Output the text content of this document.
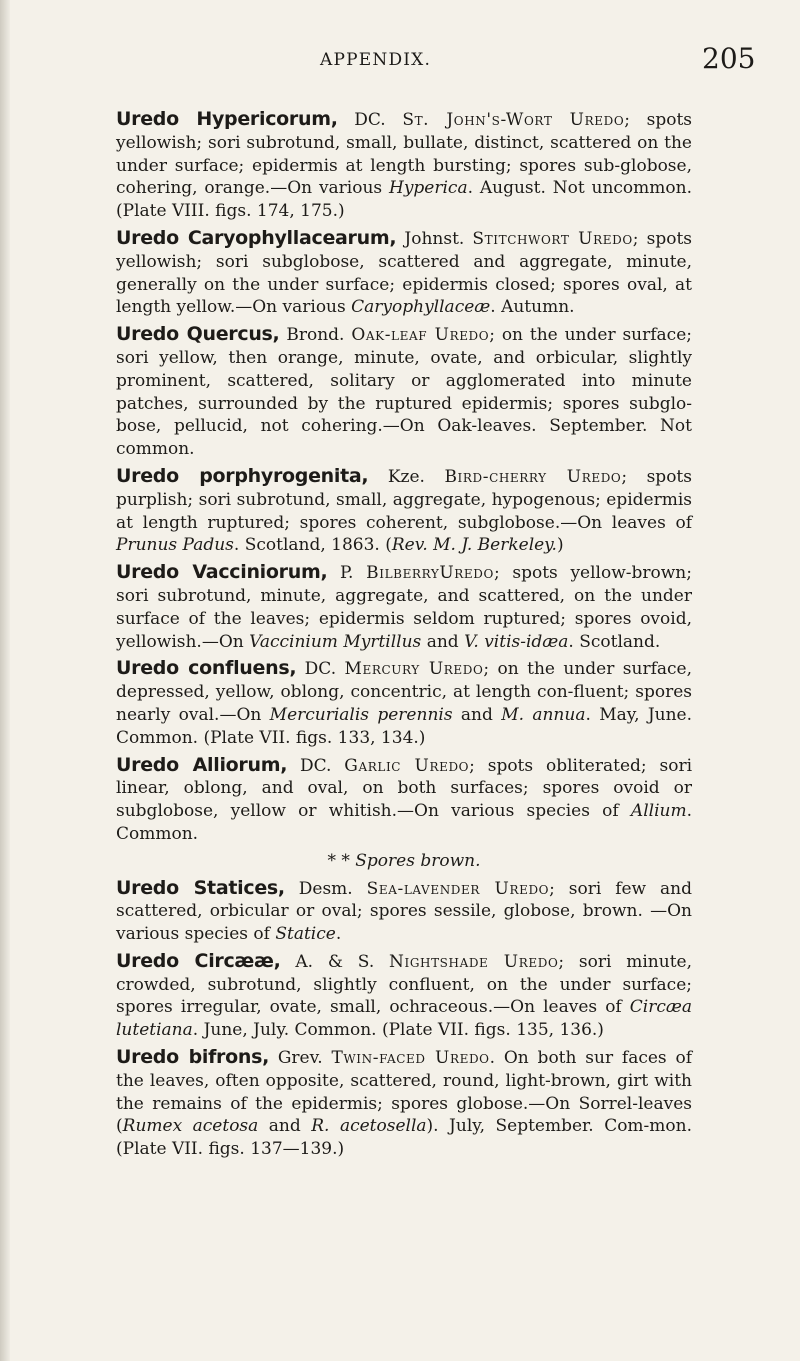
APPENDIX.	205

Uredo Hypericorum, DC. St. John's-Wort Uredo; spots yellowish; sori subrotund, small, bullate, distinct, scattered on the under surface; epidermis at length bursting; spores sub-globose, cohering, orange.—On various Hyperica. August. Not uncommon. (Plate VIII. figs. 174, 175.)

Uredo Caryophyllacearum, Johnst. Stitchwort Uredo; spots yellowish; sori subglobose, scattered and aggregate, minute, generally on the under surface; epidermis closed; spores oval, at length yellow.—On various Caryophyllaceæ. Autumn.

Uredo Quercus, Brond. Oak-leaf Uredo; on the under surface; sori yellow, then orange, minute, ovate, and orbicular, slightly prominent, scattered, solitary or agglomerated into minute patches, surrounded by the ruptured epidermis; spores subglo-bose, pellucid, not cohering.—On Oak-leaves. September. Not common.

Uredo porphyrogenita, Kze. Bird-cherry Uredo; spots purplish; sori subrotund, small, aggregate, hypogenous; epidermis at length ruptured; spores coherent, subglobose.—On leaves of Prunus Padus. Scotland, 1863. (Rev. M. J. Berkeley.)

Uredo Vacciniorum, P. BilberryUredo; spots yellow-brown; sori subrotund, minute, aggregate, and scattered, on the under surface of the leaves; epidermis seldom ruptured; spores ovoid, yellowish.—On Vaccinium Myrtillus and V. vitis-idæa. Scotland.

Uredo confluens, DC. Mercury Uredo; on the under surface, depressed, yellow, oblong, concentric, at length con-fluent; spores nearly oval.—On Mercurialis perennis and M. annua. May, June. Common. (Plate VII. figs. 133, 134.)

Uredo Alliorum, DC. Garlic Uredo; spots obliterated; sori linear, oblong, and oval, on both surfaces; spores ovoid or subglobose, yellow or whitish.—On various species of Allium. Common.

* * Spores brown.

Uredo Statices, Desm. Sea-lavender Uredo; sori few and scattered, orbicular or oval; spores sessile, globose, brown. —On various species of Statice.

Uredo Circææ, A. & S. Nightshade Uredo; sori minute, crowded, subrotund, slightly confluent, on the under surface; spores irregular, ovate, small, ochraceous.—On leaves of Circæa lutetiana. June, July. Common. (Plate VII. figs. 135, 136.)

Uredo bifrons, Grev. Twin-faced Uredo. On both sur faces of the leaves, often opposite, scattered, round, light-brown, girt with the remains of the epidermis; spores globose.—On Sorrel-leaves (Rumex acetosa and R. acetosella). July, September. Com-mon. (Plate VII. figs. 137—139.)
